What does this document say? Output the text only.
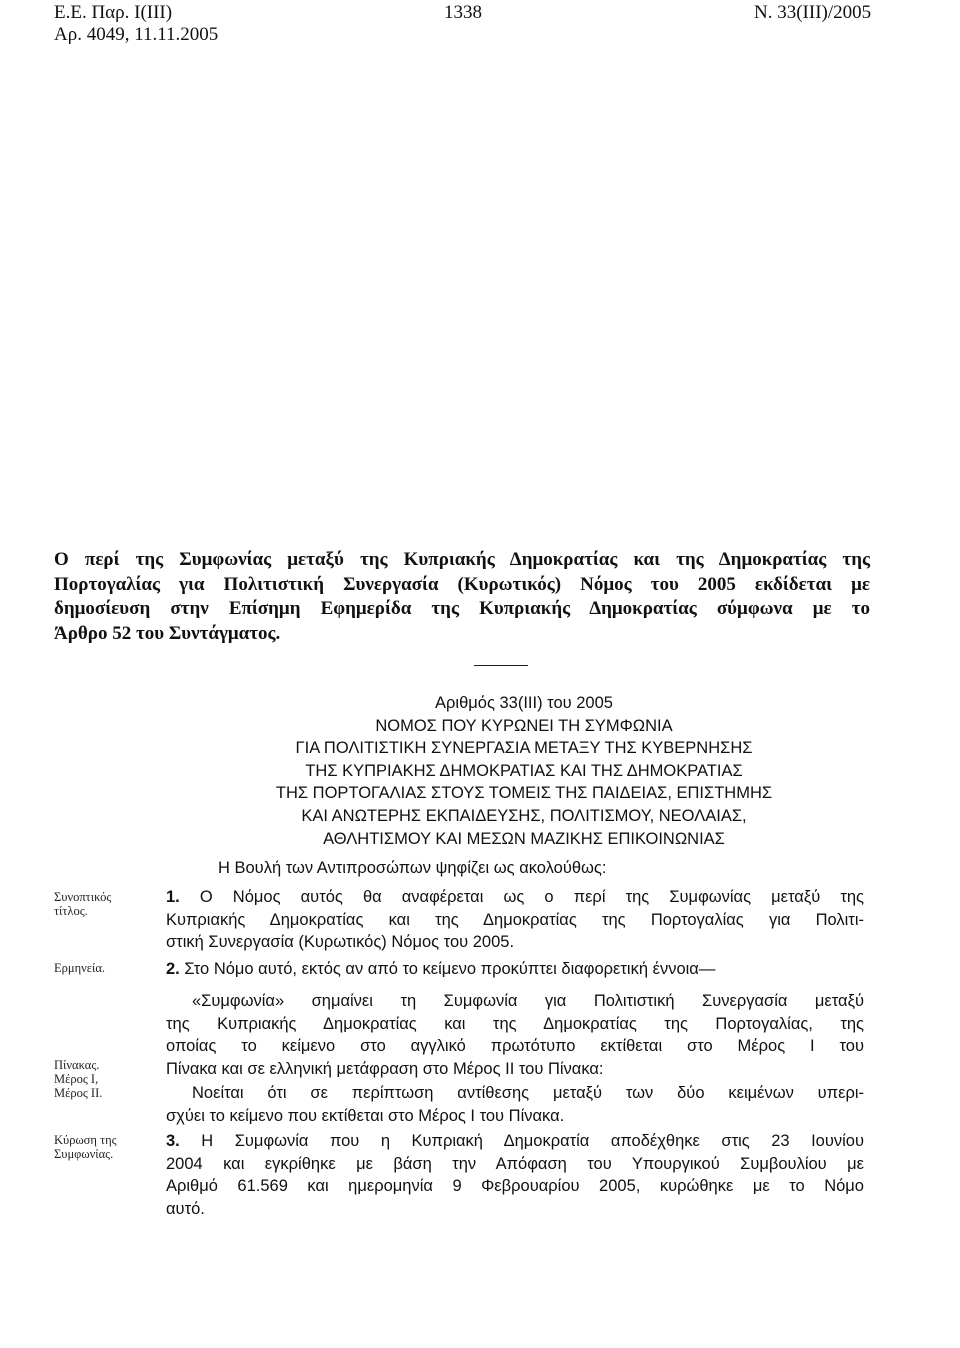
Ε.Ε. Παρ. Ι(ΙΙΙ)
Αρ. 4049, 11.11.2005
1338	Ν. 33(ΙΙΙ)/2005
Ο περί της Συμφωνίας μεταξύ της Κυπριακής Δημοκρατίας και της Δημοκρατίας της
Πορτογαλίας για Πολιτιστική Συνεργασία (Κυρωτικός) Νόμος του 2005 εκδίδεται με
δημοσίευση στην Επίσημη Εφημερίδα της Κυπριακής Δημοκρατίας σύμφωνα με το
Άρθρο 52 του Συντάγματος.
Αριθμός 33(ΙΙΙ) του 2005
ΝΟΜΟΣ ΠΟΥ ΚΥΡΩΝΕΙ ΤΗ ΣΥΜΦΩΝΙΑ
ΓΙΑ ΠΟΛΙΤΙΣΤΙΚΗ ΣΥΝΕΡΓΑΣΙΑ ΜΕΤΑΞΥ ΤΗΣ ΚΥΒΕΡΝΗΣΗΣ
ΤΗΣ ΚΥΠΡΙΑΚΗΣ ΔΗΜΟΚΡΑΤΙΑΣ ΚΑΙ ΤΗΣ ΔΗΜΟΚΡΑΤΙΑΣ
ΤΗΣ ΠΟΡΤΟΓΑΛΙΑΣ ΣΤΟΥΣ ΤΟΜΕΙΣ ΤΗΣ ΠΑΙΔΕΙΑΣ, ΕΠΙΣΤΗΜΗΣ
ΚΑΙ ΑΝΩΤΕΡΗΣ ΕΚΠΑΙΔΕΥΣΗΣ, ΠΟΛΙΤΙΣΜΟΥ, ΝΕΟΛΑΙΑΣ,
ΑΘΛΗΤΙΣΜΟΥ ΚΑΙ ΜΕΣΩΝ ΜΑΖΙΚΗΣ ΕΠΙΚΟΙΝΩΝΙΑΣ
Η Βουλή των Αντιπροσώπων ψηφίζει ως ακολούθως:
Συνοπτικός
τίτλος.
Ερμηνεία.
Πίνακας.
Μέρος Ι,
Μέρος ΙΙ.
Κύρωση της
Συμφωνίας.
1. Ο Νόμος αυτός θα αναφέρεται ως ο περί της Συμφωνίας μεταξύ της
Κυπριακής Δημοκρατίας και της Δημοκρατίας της Πορτογαλίας για Πολιτι-
στική Συνεργασία (Κυρωτικός) Νόμος του 2005.
2. Στο Νόμο αυτό, εκτός αν από το κείμενο προκύπτει διαφορετική έννοια—
«Συμφωνία» σημαίνει τη Συμφωνία για Πολιτιστική Συνεργασία μεταξύ
της Κυπριακής Δημοκρατίας και της Δημοκρατίας της Πορτογαλίας, της
οποίας το κείμενο στο αγγλικό πρωτότυπο εκτίθεται στο Μέρος Ι του
Πίνακα και σε ελληνική μετάφραση στο Μέρος ΙΙ του Πίνακα:
Νοείται ότι σε περίπτωση αντίθεσης μεταξύ των δύο κειμένων υπερι-
σχύει το κείμενο που εκτίθεται στο Μέρος Ι του Πίνακα.
3. Η Συμφωνία που η Κυπριακή Δημοκρατία αποδέχθηκε στις 23 Ιουνίου
2004 και εγκρίθηκε με βάση την Απόφαση του Υπουργικού Συμβουλίου με
Αριθμό 61.569 και ημερομηνία 9 Φεβρουαρίου 2005, κυρώθηκε με το Νόμο
αυτό.
